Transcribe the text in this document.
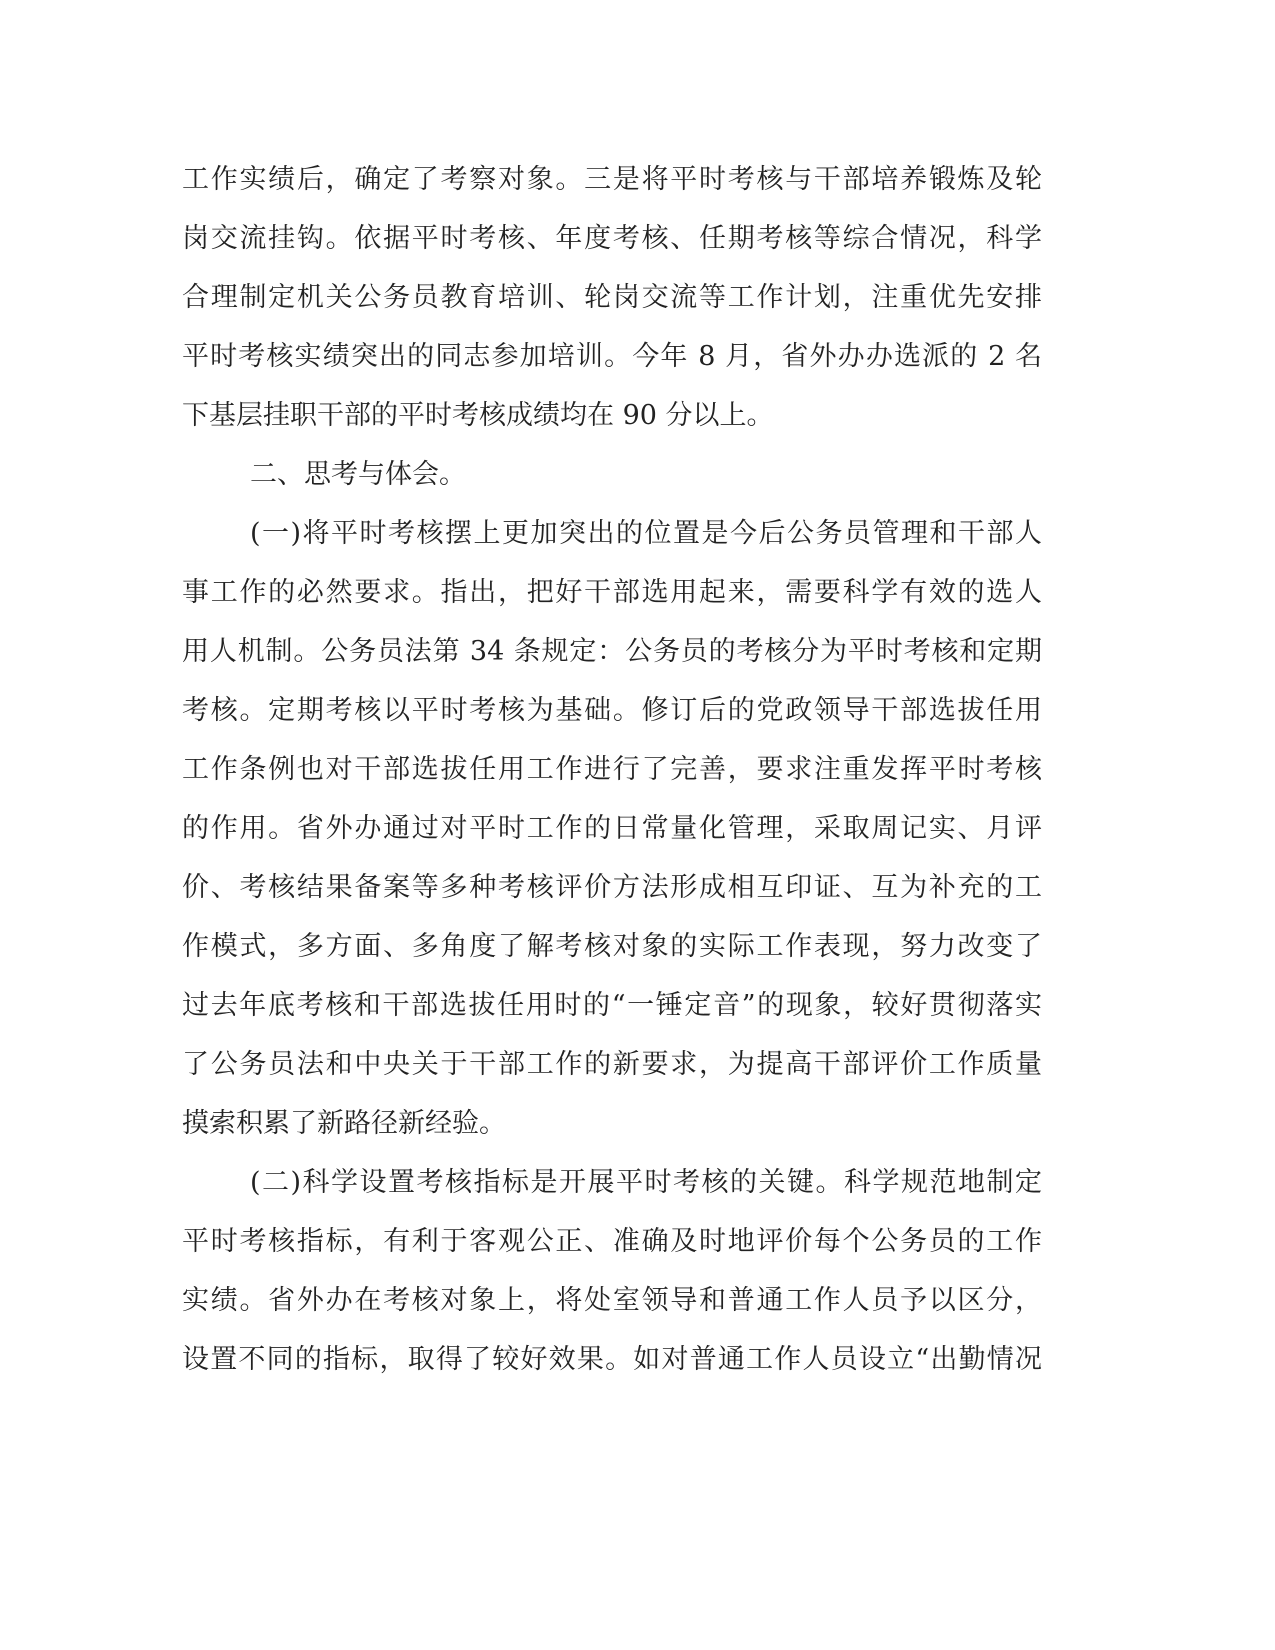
工作实绩后，确定了考察对象。三是将平时考核与干部培养锻炼及轮

岗交流挂钩。依据平时考核、年度考核、任期考核等综合情况，科学

合理制定机关公务员教育培训、轮岗交流等工作计划，注重优先安排

平时考核实绩突出的同志参加培训。今年 8 月，省外办办选派的 2 名

下基层挂职干部的平时考核成绩均在 90 分以上。

二、思考与体会。

(一)将平时考核摆上更加突出的位置是今后公务员管理和干部人

事工作的必然要求。指出，把好干部选用起来，需要科学有效的选人

用人机制。公务员法第 34 条规定：公务员的考核分为平时考核和定期

考核。定期考核以平时考核为基础。修订后的党政领导干部选拔任用

工作条例也对干部选拔任用工作进行了完善，要求注重发挥平时考核

的作用。省外办通过对平时工作的日常量化管理，采取周记实、月评

价、考核结果备案等多种考核评价方法形成相互印证、互为补充的工

作模式，多方面、多角度了解考核对象的实际工作表现，努力改变了

过去年底考核和干部选拔任用时的“一锤定音”的现象，较好贯彻落实

了公务员法和中央关于干部工作的新要求，为提高干部评价工作质量

摸索积累了新路径新经验。

(二)科学设置考核指标是开展平时考核的关键。科学规范地制定

平时考核指标，有利于客观公正、准确及时地评价每个公务员的工作

实绩。省外办在考核对象上，将处室领导和普通工作人员予以区分，

设置不同的指标，取得了较好效果。如对普通工作人员设立“出勤情况
